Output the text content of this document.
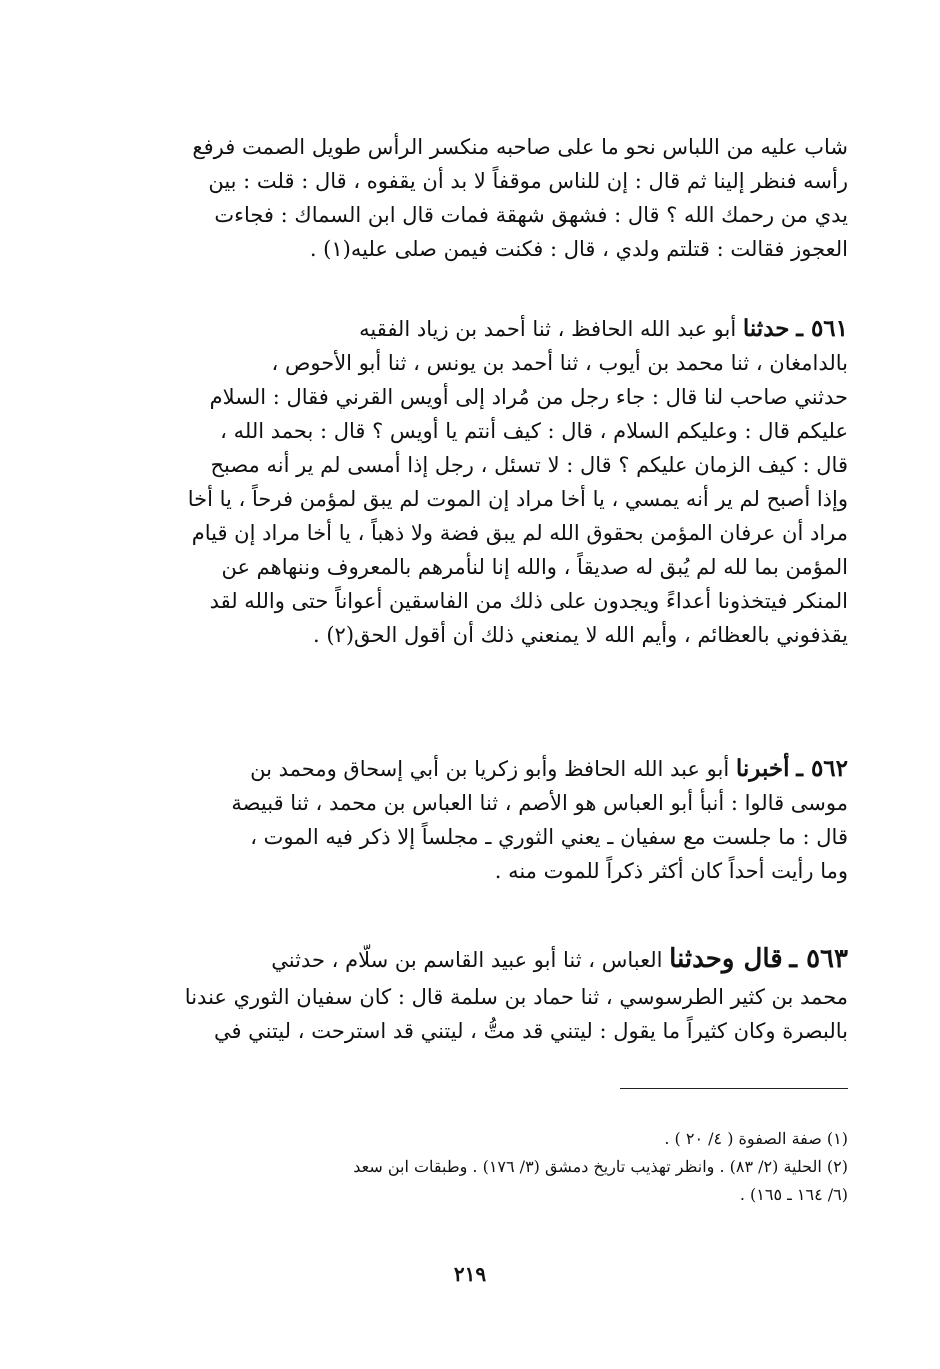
شاب عليه من اللباس نحو ما على صاحبه منكسر الرأس طويل الصمت فرفع
رأسه فنظر إلينا ثم قال : إن للناس موقفاً لا بد أن يقفوه ، قال : قلت : بين
يدي من رحمك الله ؟ قال : فشهق شهقة فمات قال ابن السماك : فجاءت
العجوز فقالت : قتلتم ولدي ، قال : فكنت فيمن صلى عليه(١) .
٥٦١ ـ حدثنا أبو عبد الله الحافظ ، ثنا أحمد بن زياد الفقيه
بالدامغان ، ثنا محمد بن أيوب ، ثنا أحمد بن يونس ، ثنا أبو الأحوص ،
حدثني صاحب لنا قال : جاء رجل من مُراد إلى أويس القرني فقال : السلام
عليكم قال : وعليكم السلام ، قال : كيف أنتم يا أويس ؟ قال : بحمد الله ،
قال : كيف الزمان عليكم ؟ قال : لا تسئل ، رجل إذا أمسى لم ير أنه مصبح
وإذا أصبح لم ير أنه يمسي ، يا أخا مراد إن الموت لم يبق لمؤمن فرحاً ، يا أخا
مراد أن عرفان المؤمن بحقوق الله لم يبق فضة ولا ذهباً ، يا أخا مراد إن قيام
المؤمن بما لله لم يُبق له صديقاً ، والله إنا لنأمرهم بالمعروف وننهاهم عن
المنكر فيتخذونا أعداءً ويجدون على ذلك من الفاسقين أعواناً حتى والله لقد
يقذفوني بالعظائم ، وأيم الله لا يمنعني ذلك أن أقول الحق(٢) .
٥٦٢ ـ أخبرنا أبو عبد الله الحافظ وأبو زكريا بن أبي إسحاق ومحمد بن
موسى قالوا : أنبأ أبو العباس هو الأصم ، ثنا العباس بن محمد ، ثنا قبيصة
قال : ما جلست مع سفيان ـ يعني الثوري ـ مجلساً إلا ذكر فيه الموت ،
وما رأيت أحداً كان أكثر ذكراً للموت منه .
٥٦٣ ـ قال وحدثنا العباس ، ثنا أبو عبيد القاسم بن سلّام ، حدثني
محمد بن كثير الطرسوسي ، ثنا حماد بن سلمة قال : كان سفيان الثوري عندنا
بالبصرة وكان كثيراً ما يقول : ليتني قد متُّ ، ليتني قد استرحت ، ليتني في
(١) صفة الصفوة ( ٤/ ٢٠ ) .
(٢) الحلية (٢/ ٨٣) . وانظر تهذيب تاريخ دمشق (٣/ ١٧٦) . وطبقات ابن سعد
(٦/ ١٦٤ ـ ١٦٥) .
٢١٩
